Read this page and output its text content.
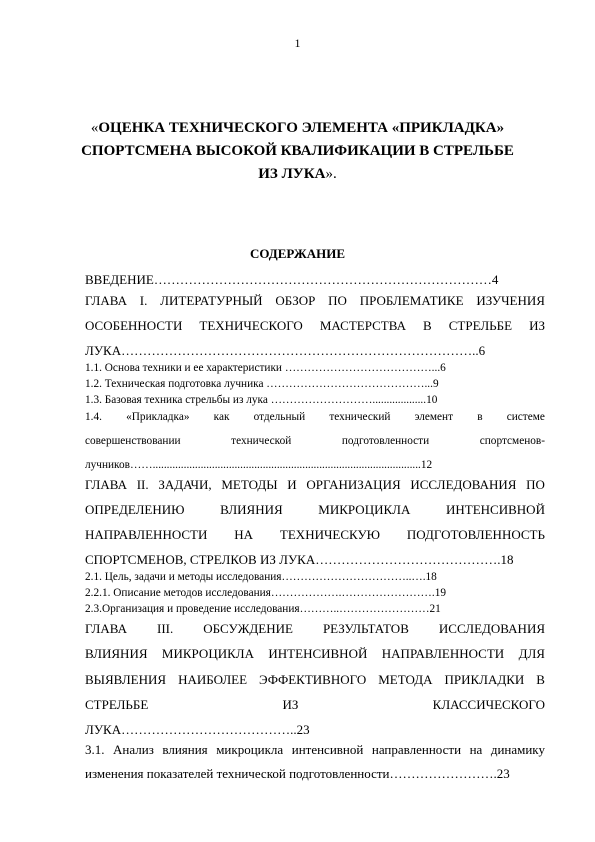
1
«ОЦЕНКА ТЕХНИЧЕСКОГО ЭЛЕМЕНТА «ПРИКЛАДКА»
СПОРТСМЕНА ВЫСОКОЙ КВАЛИФИКАЦИИ В СТРЕЛЬБЕ
ИЗ ЛУКА».
СОДЕРЖАНИЕ
ВВЕДЕНИЕ……………………………………………………………………4
ГЛАВА I. ЛИТЕРАТУРНЫЙ ОБЗОР ПО ПРОБЛЕМАТИКЕ ИЗУЧЕНИЯ
ОСОБЕННОСТИ ТЕХНИЧЕСКОГО МАСТЕРСТВА В СТРЕЛЬБЕ ИЗ
ЛУКА………………………………………………………………………..6
1.1. Основа техники и ее характеристики …………………………………...6
1.2. Техническая подготовка лучника ……………………………………...9
1.3. Базовая техника стрельбы из лука ………………………...................10
1.4. «Прикладка» как отдельный технический элемент в системе
совершенствовании	технической	подготовленности	спортсменов-
лучников……...............................................................................................12
ГЛАВА II. ЗАДАЧИ, МЕТОДЫ И ОРГАНИЗАЦИЯ ИССЛЕДОВАНИЯ ПО
ОПРЕДЕЛЕНИЮ	ВЛИЯНИЯ	МИКРОЦИКЛА	ИНТЕНСИВНОЙ
НАПРАВЛЕННОСТИ НА ТЕХНИЧЕСКУЮ ПОДГОТОВЛЕННОСТЬ
СПОРТСМЕНОВ, СТРЕЛКОВ ИЗ ЛУКА…………………………………….18
2.1. Цель, задачи и методы исследования……………………………..….18
2.2.1. Описание методов исследования……………….…………………….19
2.3.Организация и проведение исследования………..……………………21
ГЛАВА III. ОБСУЖДЕНИЕ РЕЗУЛЬТАТОВ ИССЛЕДОВАНИЯ
ВЛИЯНИЯ МИКРОЦИКЛА ИНТЕНСИВНОЙ НАПРАВЛЕННОСТИ ДЛЯ
ВЫЯВЛЕНИЯ НАИБОЛЕЕ ЭФФЕКТИВНОГО МЕТОДА ПРИКЛАДКИ В
СТРЕЛЬБЕ	ИЗ	КЛАССИЧЕСКОГО
ЛУКА…………………………………..23
3.1. Анализ влияния микроцикла интенсивной направленности на динамику
изменения показателей технической подготовленности…………………….23
